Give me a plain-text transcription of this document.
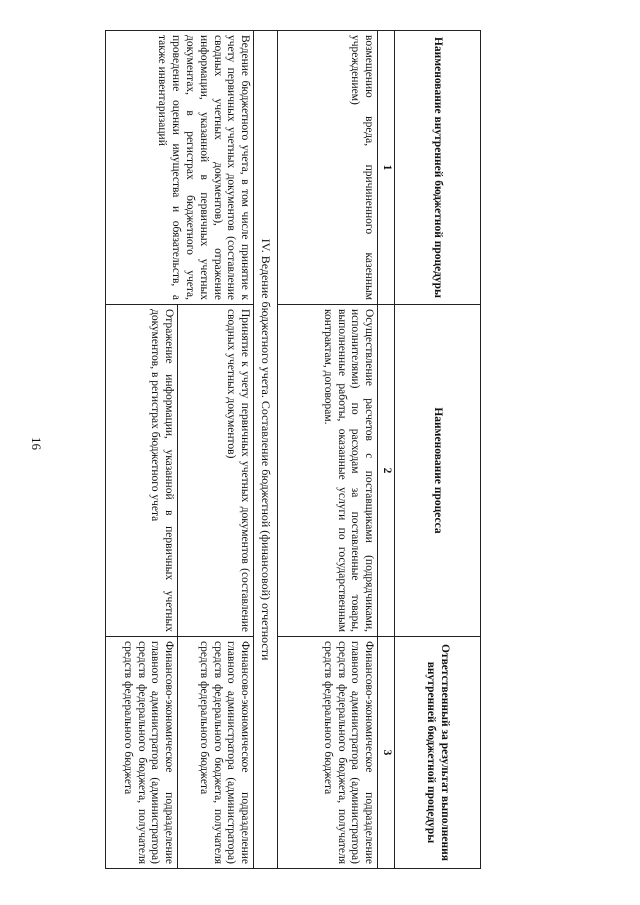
16
Наименование внутренней бюджетной процедуры	Наименование процесса	Ответственный за результат выполнения внутренней бюджетной процедуры
1	2	3
возмещению вреда, причиненного казенным учреждением)	Осуществление расчетов с поставщиками (подрядчиками, исполнителями) по расходам за поставленные товары, выполненные работы, оказанные услуги по государственным контрактам, договорам.	Финансово-экономическое подразделение главного администратора (администратора) средств федерального бюджета, получателя средств федерального бюджета
IV. Ведение бюджетного учета. Составление бюджетной (финансовой) отчетности		
Ведение бюджетного учета, в том числе принятие к учету первичных учетных документов (составление сводных учетных документов), отражение информации, указанной в первичных учетных документах, в регистрах бюджетного учета, проведение оценки имущества и обязательств, а также инвентаризаций	Принятие к учету первичных учетных документов (составление сводных учетных документов)	Финансово-экономическое подразделение главного администратора (администратора) средств федерального бюджета, получателя средств федерального бюджета
	Отражение информации, указанной в первичных учетных документов, в регистрах бюджетного учета	Финансово-экономическое подразделение главного администратора (администратора) средств федерального бюджета, получателя средств федерального бюджета
